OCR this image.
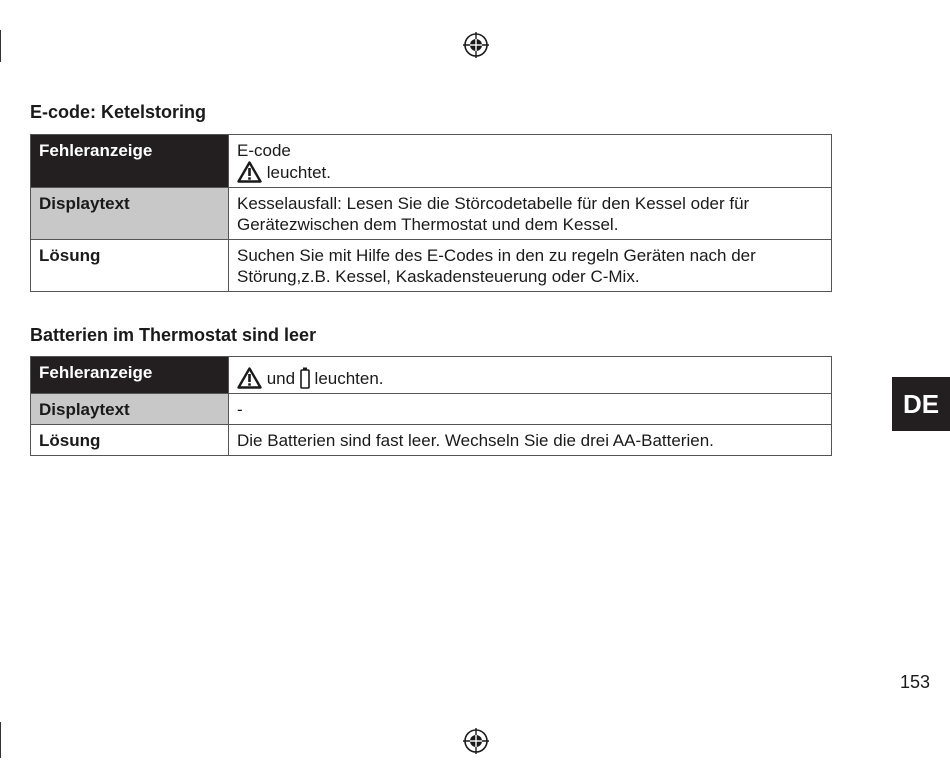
E-code: Ketelstoring
Fehleranzeige	E-code
leuchtet.

Displaytext	Kesselausfall: Lesen Sie die Störcodetabelle für den Kessel oder für Gerätezwischen dem Thermostat und dem Kessel.
Lösung	Suchen Sie mit Hilfe des E-Codes in den zu regeln Geräten nach der Störung,z.B. Kessel, Kaskadensteuerung oder C-Mix.
Batterien im Thermostat sind leer
Fehleranzeige	und  leuchten.
Displaytext	-
Lösung	Die Batterien sind fast leer. Wechseln Sie die drei AA-Batterien.
DE
153
